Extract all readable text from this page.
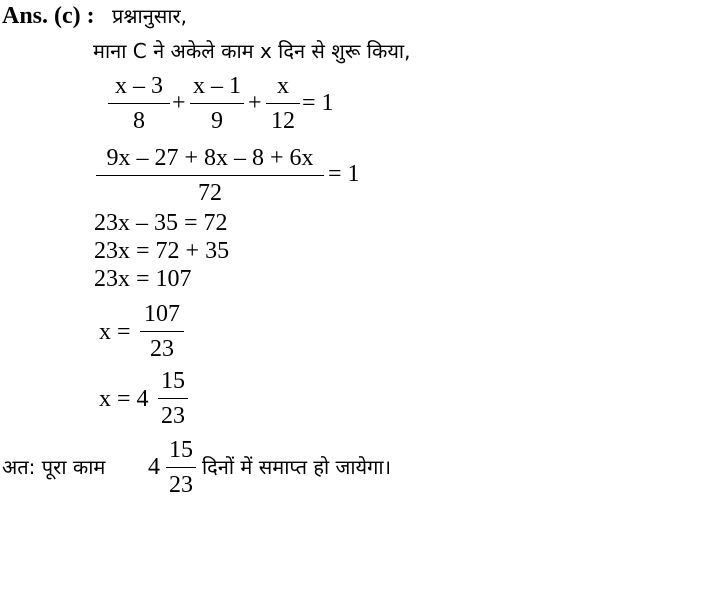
Ans. (c) : प्रश्नानुसार,
माना C ने अकेले काम x दिन से शुरू किया,
x – 3
8
+
x – 1
9
+
x
12
= 1
9x – 27 + 8x – 8 + 6x
72
= 1
23x – 35 = 72
23x = 72 + 35
23x = 107
x =
107
23
x = 4
15
23
अत: पूरा काम 4
15
23
दिनों में समाप्त हो जायेगा।
